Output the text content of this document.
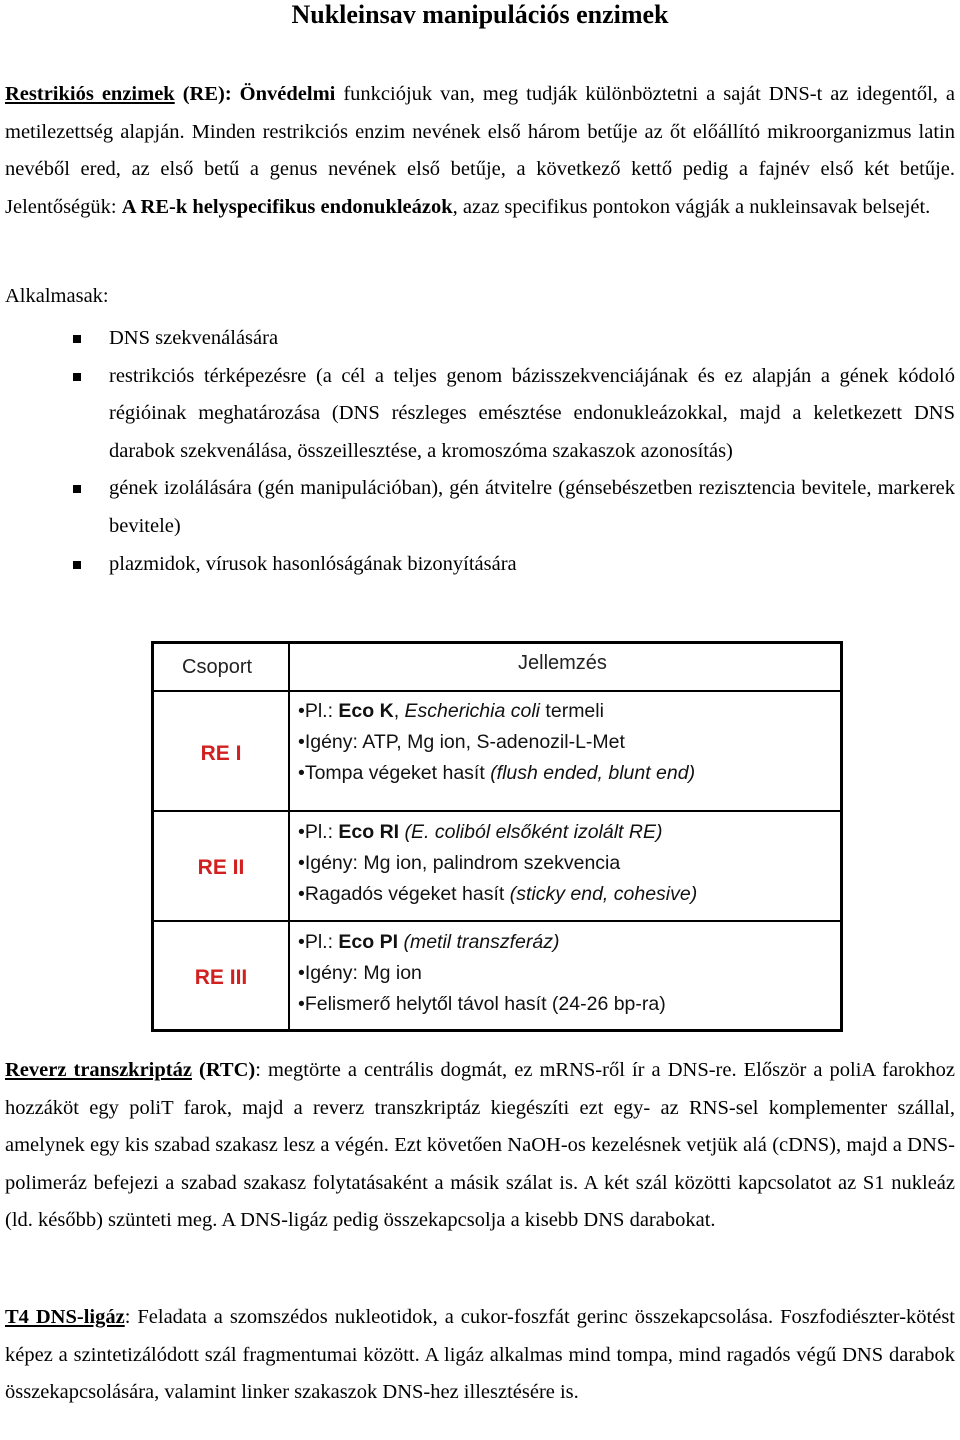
Nukleinsav manipulációs enzimek

Restrikiós enzimek (RE): Önvédelmi funkciójuk van, meg tudják különböztetni a saját DNS-t az idegentől, a metilezettség alapján. Minden restrikciós enzim nevének első három betűje az őt előállító mikroorganizmus latin nevéből ered, az első betű a genus nevének első betűje, a következő kettő pedig a fajnév első két betűje. Jelentőségük: A RE-k helyspecifikus endonukleázok, azaz specifikus pontokon vágják a nukleinsavak belsejét.

Alkalmasak:

DNS szekvenálására
restrikciós térképezésre (a cél a teljes genom bázisszekvenciájának és ez alapján a gének kódoló régióinak meghatározása (DNS részleges emésztése endonukleázokkal, majd a keletkezett DNS darabok szekvenálása, összeillesztése, a kromoszóma szakaszok azonosítás)
gének izolálására (gén manipulációban), gén átvitelre (génsebészetben rezisztencia bevitele, markerek bevitele)
plazmidok, vírusok hasonlóságának bizonyítására
Csoport	Jellemzés
RE I
•Pl.: Eco K, Escherichia coli termeli
•Igény: ATP, Mg ion, S-adenozil-L-Met
•Tompa végeket hasít (flush ended, blunt end)
RE II
•Pl.: Eco RI (E. coliból elsőként izolált RE)
•Igény: Mg ion, palindrom szekvencia
•Ragadós végeket hasít (sticky end, cohesive)
RE III
•Pl.: Eco PI (metil transzferáz)
•Igény: Mg ion
•Felismerő helytől távol hasít (24-26 bp-ra)

Reverz transzkriptáz (RTC): megtörte a centrális dogmát, ez mRNS-ről ír a DNS-re. Először a poliA farokhoz hozzáköt egy poliT farok, majd a reverz transzkriptáz kiegészíti ezt egy- az RNS-sel komplementer szállal, amelynek egy kis szabad szakasz lesz a végén. Ezt követően NaOH-os kezelésnek vetjük alá (cDNS), majd a DNS-polimeráz befejezi a szabad szakasz folytatásaként a másik szálat is. A két szál közötti kapcsolatot az S1 nukleáz (ld. később) szünteti meg. A DNS-ligáz pedig összekapcsolja a kisebb DNS darabokat.

T4 DNS-ligáz: Feladata a szomszédos nukleotidok, a cukor-foszfát gerinc összekapcsolása. Foszfodiészter-kötést képez a szintetizálódott szál fragmentumai között. A ligáz alkalmas mind tompa, mind ragadós végű DNS darabok összekapcsolására, valamint linker szakaszok DNS-hez illesztésére is.
